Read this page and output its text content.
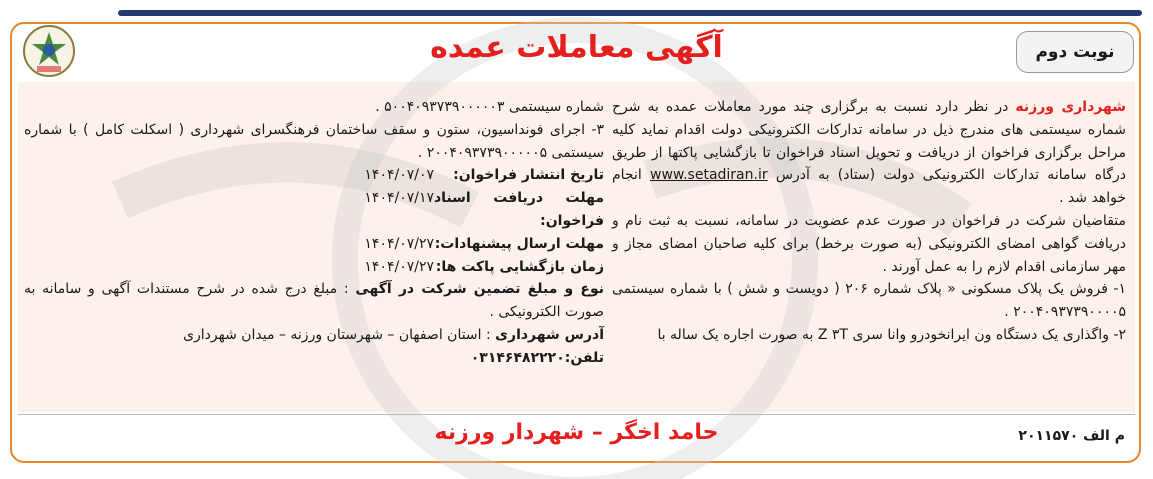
نوبت دوم
آگهی معاملات عمده

شهرداری ورزنه در نظر دارد نسبت به برگزاری چند مورد معاملات عمده به شرح شماره سیستمی های مندرج ذیل در سامانه تدارکات الکترونیکی دولت اقدام نماید کلیه مراحل برگزاری فراخوان از دریافت و تحویل اسناد فراخوان تا بازگشایی پاکتها از طریق درگاه سامانه تدارکات الکترونیکی دولت (ستاد) به آدرس www.setadiran.ir انجام خواهد شد .

متقاضیان شرکت در فراخوان در صورت عدم عضویت در سامانه، نسبت به ثبت نام و دریافت گواهی امضای الکترونیکی (به صورت برخط) برای کلیه صاحبان امضای مجاز و مهر سازمانی اقدام لازم را به عمل آورند .

۱- فروش یک پلاک مسکونی « پلاک شماره ۲۰۶ ( دویست و شش ) با شماره سیستمی ۲۰۰۴۰۹۳۷۳۹۰۰۰۰۵ .

۲- واگذاری یک دستگاه ون ایرانخودرو وانا سری Z ۳T به صورت اجاره یک ساله با

شماره سیستمی ۵۰۰۴۰۹۳۷۳۹۰۰۰۰۰۳ .

۳- اجرای فونداسیون، ستون و سقف ساختمان فرهنگسرای شهرداری ( اسکلت کامل ) با شماره سیستمی ۲۰۰۴۰۹۳۷۳۹۰۰۰۰۰۵ .

تاریخ انتشار فراخوان:
۱۴۰۴/۰۷/۰۷
مهلت دریافت اسناد فراخوان:
۱۴۰۴/۰۷/۱۷
مهلت ارسال پیشنهادات:
۱۴۰۴/۰۷/۲۷
زمان بازگشایی پاکت ها:
۱۴۰۴/۰۷/۲۷

نوع و مبلغ تضمین شرکت در آگهی : مبلغ درج شده در شرح مستندات آگهی و سامانه به صورت الکترونیکی .

آدرس شهرداری : استان اصفهان – شهرستان ورزنه – میدان شهرداری

تلفن:۰۳۱۴۶۴۸۲۲۲۰

حامد اخگر – شهردار ورزنه	م الف ۲۰۱۱۵۷۰
